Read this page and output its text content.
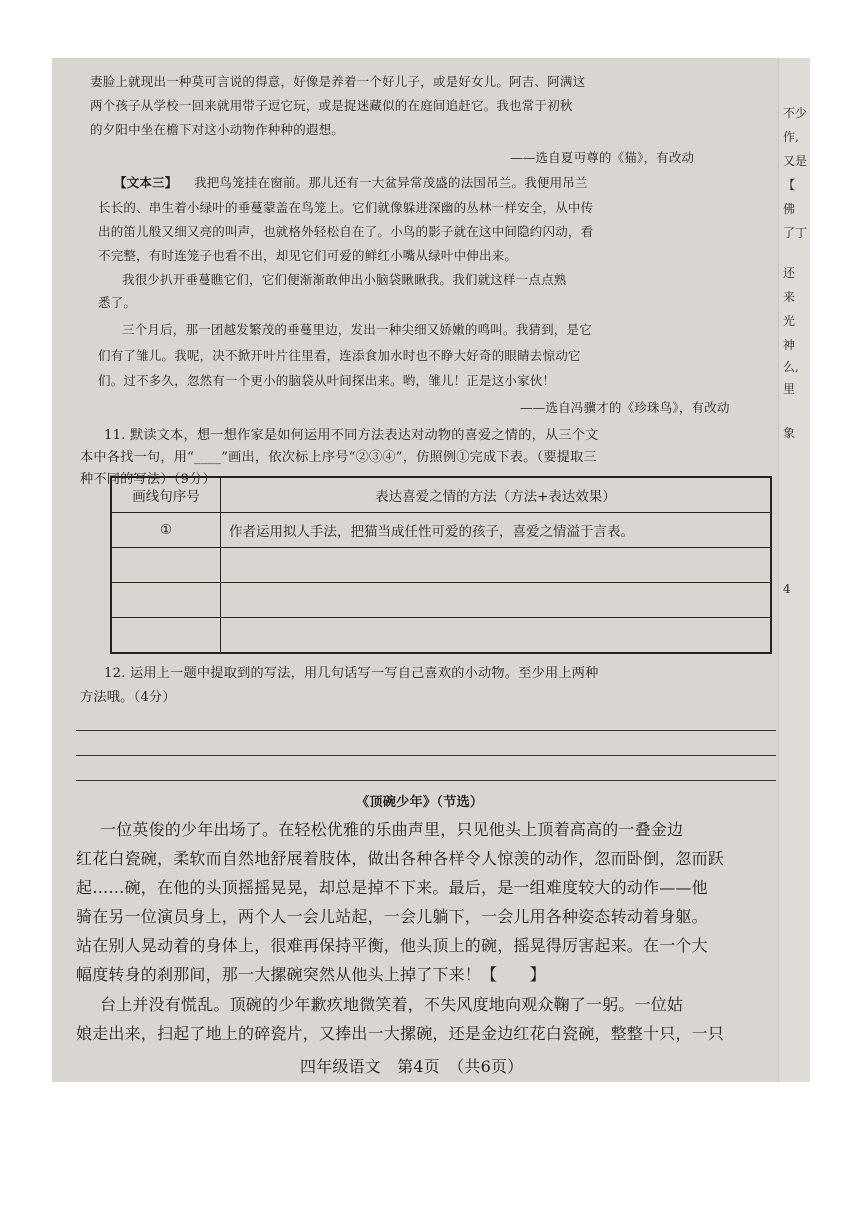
妻脸上就现出一种莫可言说的得意，好像是养着一个好儿子，或是好女儿。阿吉、阿满这
两个孩子从学校一回来就用带子逗它玩，或是捉迷藏似的在庭间追赶它。我也常于初秋
的夕阳中坐在檐下对这小动物作种种的遐想。
——选自夏丏尊的《猫》，有改动
【文本三】 我把鸟笼挂在窗前。那儿还有一大盆异常茂盛的法国吊兰。我便用吊兰
长长的、串生着小绿叶的垂蔓蒙盖在鸟笼上。它们就像躲进深幽的丛林一样安全，从中传
出的笛儿般又细又亮的叫声，也就格外轻松自在了。小鸟的影子就在这中间隐约闪动，看
不完整，有时连笼子也看不出，却见它们可爱的鲜红小嘴从绿叶中伸出来。
我很少扒开垂蔓瞧它们，它们便渐渐敢伸出小脑袋瞅瞅我。我们就这样一点点熟
悉了。
三个月后，那一团越发繁茂的垂蔓里边，发出一种尖细又娇嫩的鸣叫。我猜到，是它
们有了雏儿。我呢，决不掀开叶片往里看，连添食加水时也不睁大好奇的眼睛去惊动它
们。过不多久，忽然有一个更小的脑袋从叶间探出来。哟，雏儿！正是这小家伙！
——选自冯骥才的《珍珠鸟》，有改动
11. 默读文本，想一想作家是如何运用不同方法表达对动物的喜爱之情的，从三个文
本中各找一句，用“____”画出，依次标上序号“②③④”，仿照例①完成下表。（要提取三
种不同的写法）（9分）
画线句序号	表达喜爱之情的方法（方法+表达效果）
①	作者运用拟人手法，把猫当成任性可爱的孩子，喜爱之情溢于言表。

12. 运用上一题中提取到的写法，用几句话写一写自己喜欢的小动物。至少用上两种
方法哦。（4分）
《顶碗少年》（节选）
一位英俊的少年出场了。在轻松优雅的乐曲声里，只见他头上顶着高高的一叠金边
红花白瓷碗，柔软而自然地舒展着肢体，做出各种各样令人惊羡的动作，忽而卧倒，忽而跃
起……碗，在他的头顶摇摇晃晃，却总是掉不下来。最后，是一组难度较大的动作——他
骑在另一位演员身上，两个人一会儿站起，一会儿躺下，一会儿用各种姿态转动着身躯。
站在别人晃动着的身体上，很难再保持平衡，他头顶上的碗，摇晃得厉害起来。在一个大
幅度转身的刹那间，那一大摞碗突然从他头上掉了下来！【　　】
台上并没有慌乱。顶碗的少年歉疚地微笑着，不失风度地向观众鞠了一躬。一位姑
娘走出来，扫起了地上的碎瓷片，又捧出一大摞碗，还是金边红花白瓷碗，整整十只，一只
四年级语文　第4页　（共6页）
不少
作,
又是
【
佛
了丁
还
来
光
神
么,
里
象
4
